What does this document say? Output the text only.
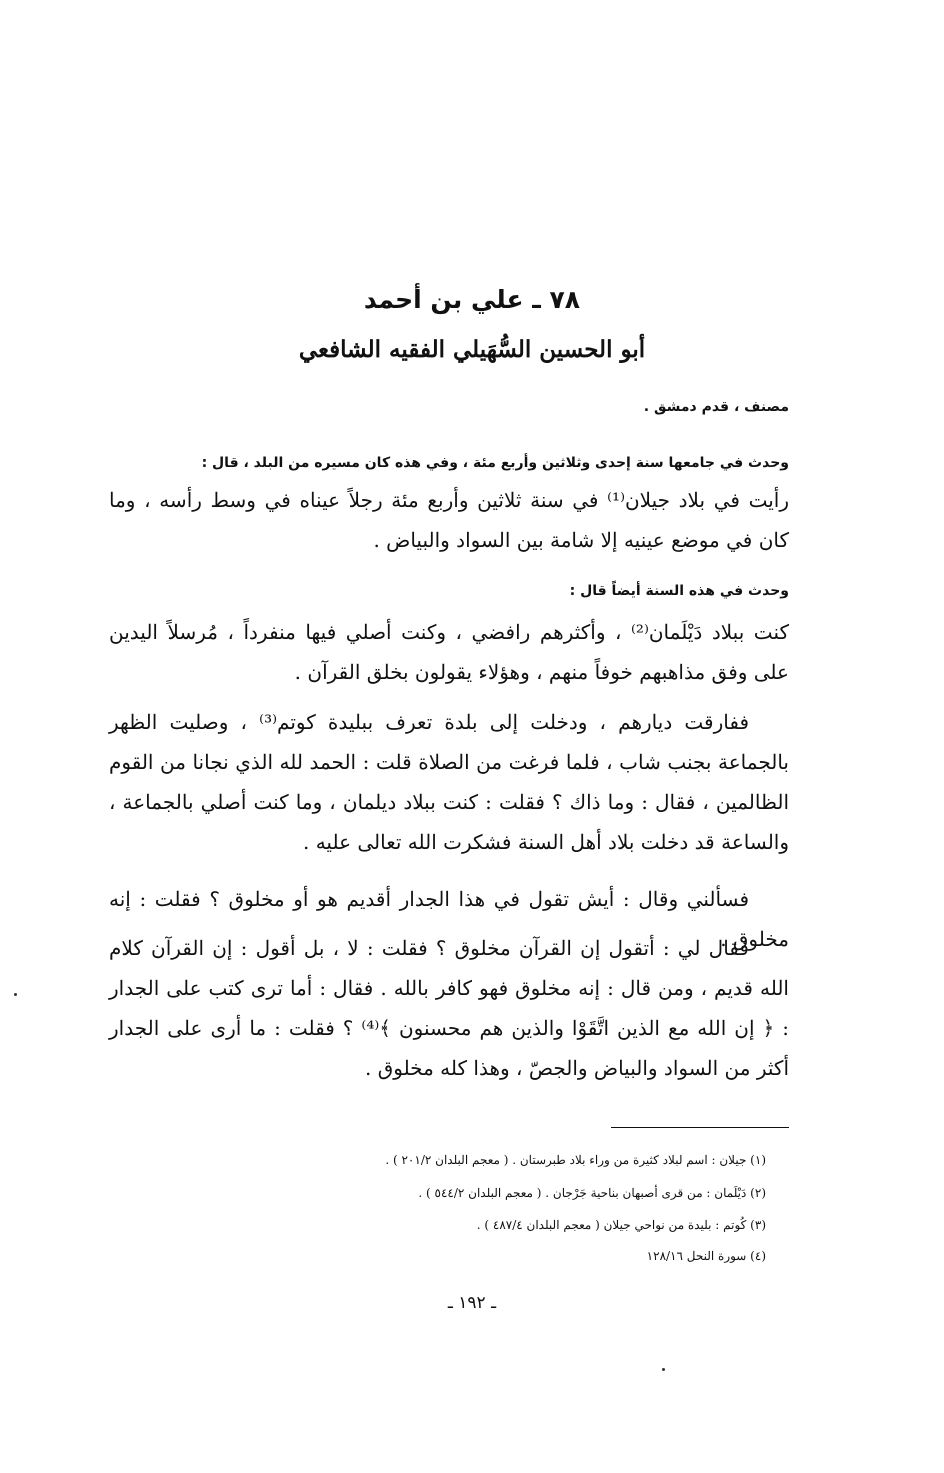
٧٨ ـ علي بن أحمد
أبو الحسين السُّهَيلي الفقيه الشافعي

مصنف ، قدم دمشق .

وحدث في جامعها سنة إحدى وثلاثين وأربع مئة ، وفي هذه كان مسيره من البلد ، قال :

رأيت في بلاد جيلان⁽¹⁾ في سنة ثلاثين وأربع مئة رجلاً عيناه في وسط رأسه ، وما كان في موضع عينيه إلا شامة بين السواد والبياض .

وحدث في هذه السنة أيضاً قال :

كنت ببلاد دَيْلَمان⁽²⁾ ، وأكثرهم رافضي ، وكنت أصلي فيها منفرداً ، مُرسلاً اليدين على وفق مذاهبهم خوفاً منهم ، وهؤلاء يقولون بخلق القرآن .

ففارقت ديارهم ، ودخلت إلى بلدة تعرف ببليدة كوتم⁽³⁾ ، وصليت الظهر بالجماعة بجنب شاب ، فلما فرغت من الصلاة قلت : الحمد لله الذي نجانا من القوم الظالمين ، فقال : وما ذاك ؟ فقلت : كنت ببلاد ديلمان ، وما كنت أصلي بالجماعة ، والساعة قد دخلت بلاد أهل السنة فشكرت الله تعالى عليه .

فسألني وقال : أيش تقول في هذا الجدار أقديم هو أو مخلوق ؟ فقلت : إنه مخلوق .

فقال لي : أتقول إن القرآن مخلوق ؟ فقلت : لا ، بل أقول : إن القرآن كلام الله قديم ، ومن قال : إنه مخلوق فهو كافر بالله . فقال : أما ترى كتب على الجدار : ﴿ إن الله مع الذين اتَّقَوْا والذين هم محسنون ﴾⁽⁴⁾ ؟ فقلت : ما أرى على الجدار أكثر من السواد والبياض والجصّ ، وهذا كله مخلوق .

(١) جيلان : اسم لبلاد كثيرة من وراء بلاد طبرستان . ( معجم البلدان ٢٠١/٢ ) .

(٢) دَيْلَمان : من قرى أصبهان بناحية جَرْجان . ( معجم البلدان ٥٤٤/٢ ) .

(٣) كُوتم : بليدة من نواحي جيلان ( معجم البلدان ٤٨٧/٤ ) .

(٤) سورة النحل ١٢٨/١٦

ـ ١٩٢ ـ
